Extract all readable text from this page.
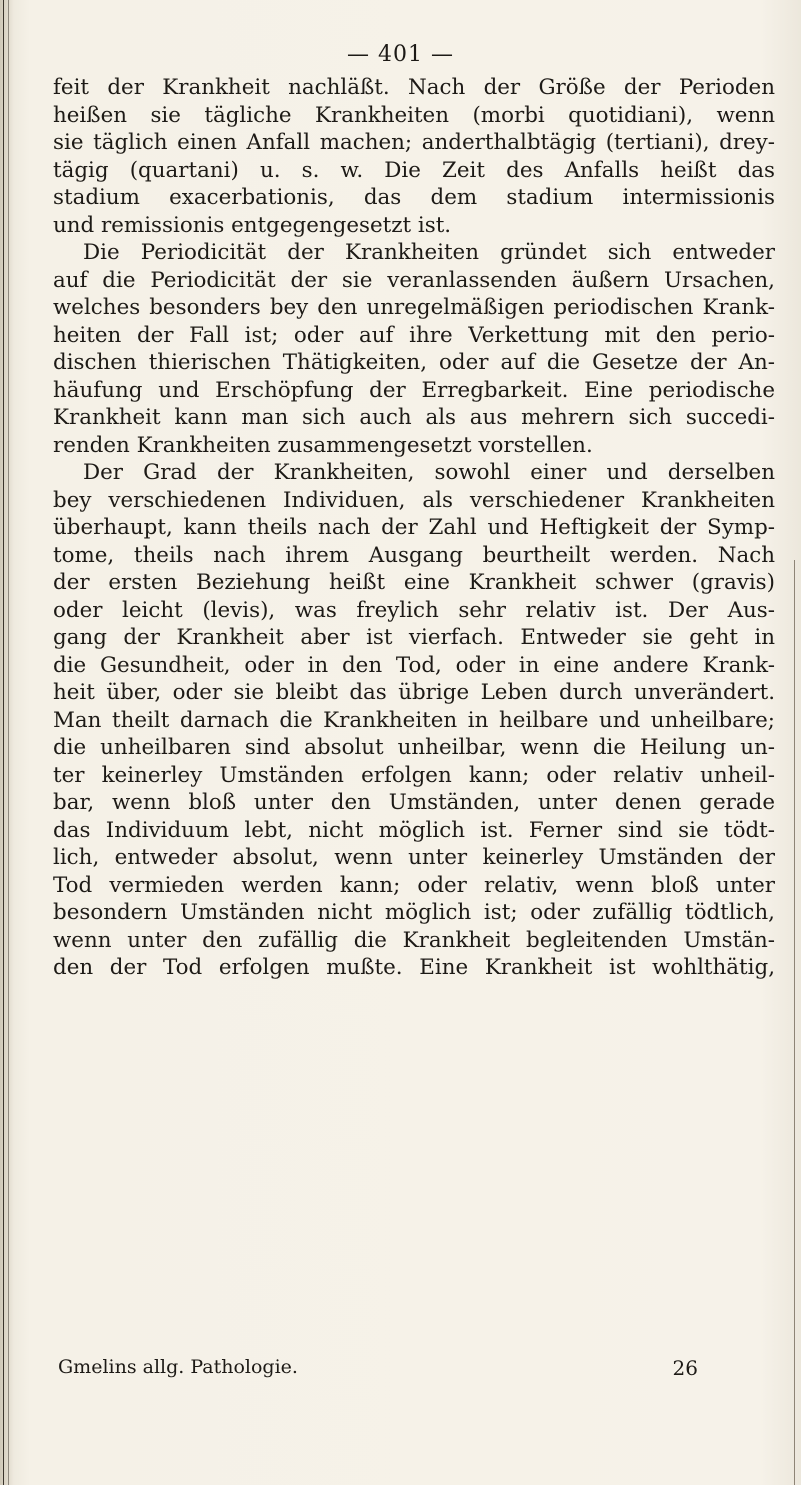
— 401 —
feit der Krankheit nachläßt. Nach der Größe der Perioden
heißen sie tägliche Krankheiten (morbi quotidiani), wenn
sie täglich einen Anfall machen; anderthalbtägig (tertiani), drey-
tägig (quartani) u. s. w. Die Zeit des Anfalls heißt das
stadium exacerbationis, das dem stadium intermissionis
und remissionis entgegengesetzt ist.
Die Periodicität der Krankheiten gründet sich entweder
auf die Periodicität der sie veranlassenden äußern Ursachen,
welches besonders bey den unregelmäßigen periodischen Krank-
heiten der Fall ist; oder auf ihre Verkettung mit den perio-
dischen thierischen Thätigkeiten, oder auf die Gesetze der An-
häufung und Erschöpfung der Erregbarkeit. Eine periodische
Krankheit kann man sich auch als aus mehrern sich succedi-
renden Krankheiten zusammengesetzt vorstellen.
Der Grad der Krankheiten, sowohl einer und derselben
bey verschiedenen Individuen, als verschiedener Krankheiten
überhaupt, kann theils nach der Zahl und Heftigkeit der Symp-
tome, theils nach ihrem Ausgang beurtheilt werden. Nach
der ersten Beziehung heißt eine Krankheit schwer (gravis)
oder leicht (levis), was freylich sehr relativ ist. Der Aus-
gang der Krankheit aber ist vierfach. Entweder sie geht in
die Gesundheit, oder in den Tod, oder in eine andere Krank-
heit über, oder sie bleibt das übrige Leben durch unverändert.
Man theilt darnach die Krankheiten in heilbare und unheilbare;
die unheilbaren sind absolut unheilbar, wenn die Heilung un-
ter keinerley Umständen erfolgen kann; oder relativ unheil-
bar, wenn bloß unter den Umständen, unter denen gerade
das Individuum lebt, nicht möglich ist. Ferner sind sie tödt-
lich, entweder absolut, wenn unter keinerley Umständen der
Tod vermieden werden kann; oder relativ, wenn bloß unter
besondern Umständen nicht möglich ist; oder zufällig tödtlich,
wenn unter den zufällig die Krankheit begleitenden Umstän-
den der Tod erfolgen mußte. Eine Krankheit ist wohlthätig,
Gmelins allg. Pathologie.	26
